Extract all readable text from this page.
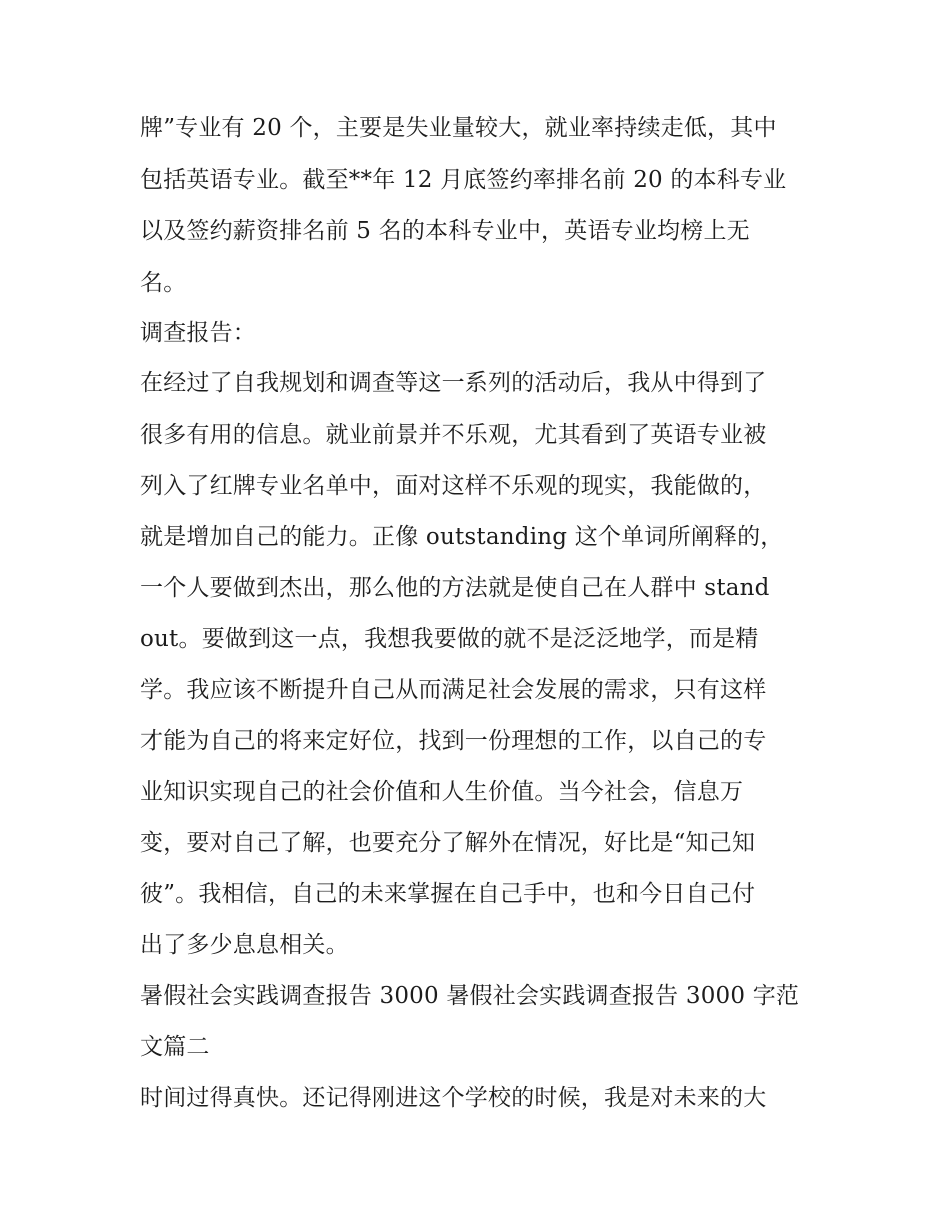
牌”专业有 20 个，主要是失业量较大，就业率持续走低，其中
包括英语专业。截至**年 12 月底签约率排名前 20 的本科专业
以及签约薪资排名前 5 名的本科专业中，英语专业均榜上无
名。
调查报告：
在经过了自我规划和调查等这一系列的活动后，我从中得到了
很多有用的信息。就业前景并不乐观，尤其看到了英语专业被
列入了红牌专业名单中，面对这样不乐观的现实，我能做的，
就是增加自己的能力。正像 outstanding 这个单词所阐释的，
一个人要做到杰出，那么他的方法就是使自己在人群中 stand
out。要做到这一点，我想我要做的就不是泛泛地学，而是精
学。我应该不断提升自己从而满足社会发展的需求，只有这样
才能为自己的将来定好位，找到一份理想的工作，以自己的专
业知识实现自己的社会价值和人生价值。当今社会，信息万
变，要对自己了解，也要充分了解外在情况，好比是“知己知
彼”。我相信，自己的未来掌握在自己手中，也和今日自己付
出了多少息息相关。
暑假社会实践调查报告 3000 暑假社会实践调查报告 3000 字范
文篇二
时间过得真快。还记得刚进这个学校的时候，我是对未来的大
